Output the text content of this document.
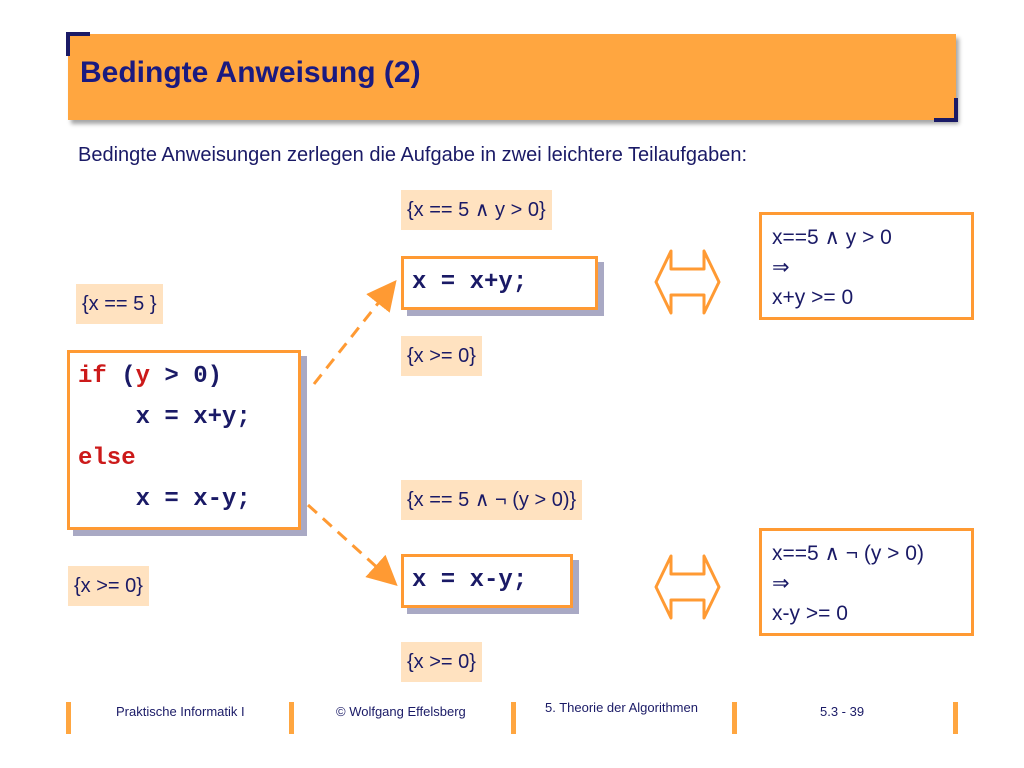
Bedingte Anweisung (2)
Bedingte Anweisungen zerlegen die Aufgabe in zwei leichtere Teilaufgaben:
{x == 5 }
if (y > 0)
x = x+y;
else
x = x-y;
{x >= 0}
{x == 5 ∧ y > 0}
x = x+y;
{x >= 0}
x==5 ∧ y > 0
⇒
x+y >= 0
{x == 5 ∧ ¬ (y > 0)}
x = x-y;
{x >= 0}
x==5 ∧ ¬ (y > 0)
⇒
x-y >= 0
Praktische Informatik I	© Wolfgang Effelsberg	5. Theorie der Algorithmen	5.3 - 39
